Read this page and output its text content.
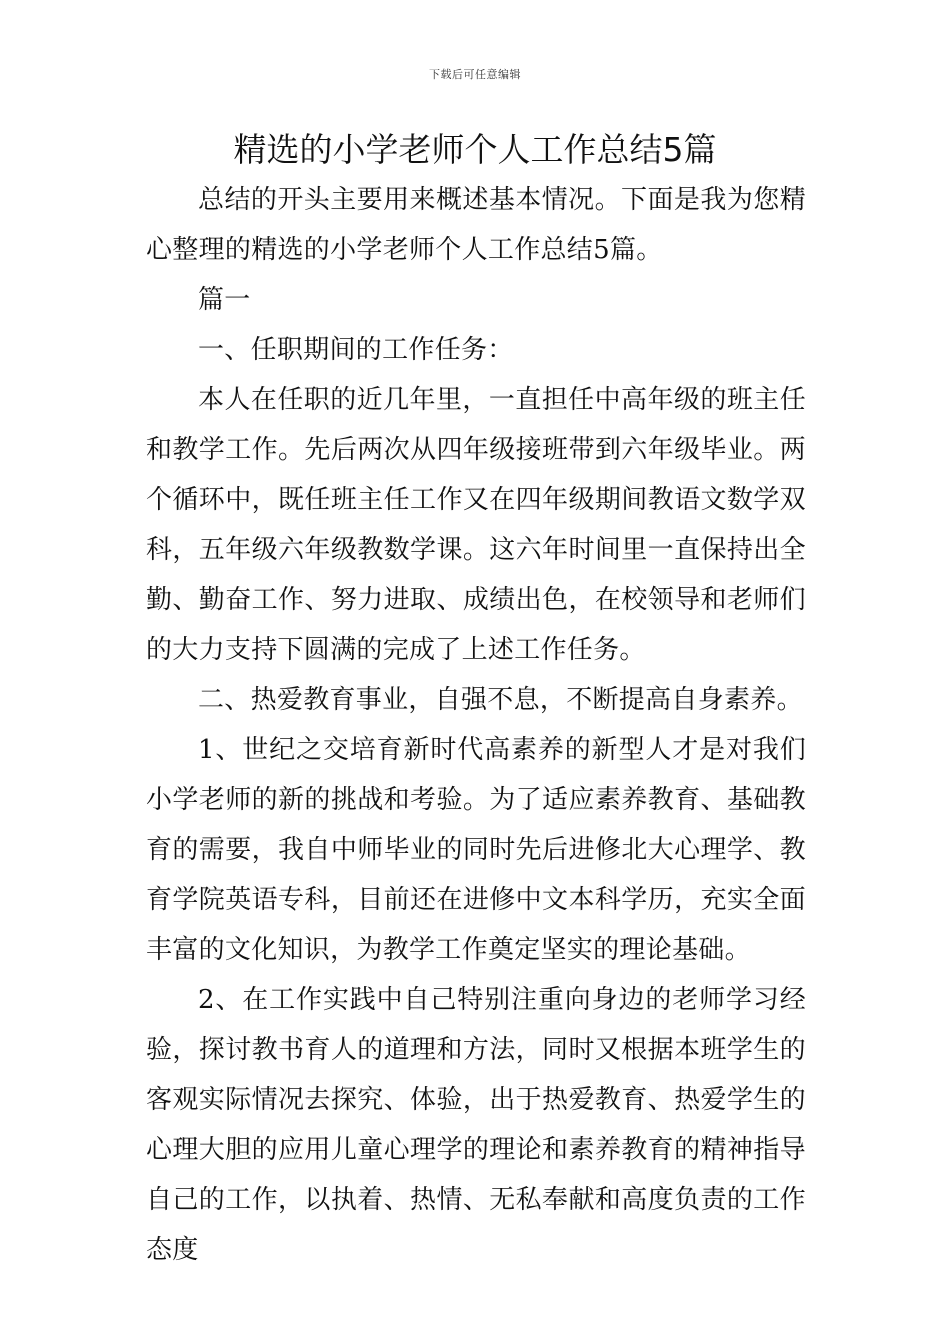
下载后可任意编辑
精选的小学老师个人工作总结5篇

总结的开头主要用来概述基本情况。下面是我为您精心整理的精选的小学老师个人工作总结5篇。

篇一

一、任职期间的工作任务：

本人在任职的近几年里，一直担任中高年级的班主任和教学工作。先后两次从四年级接班带到六年级毕业。两个循环中，既任班主任工作又在四年级期间教语文数学双科，五年级六年级教数学课。这六年时间里一直保持出全勤、勤奋工作、努力进取、成绩出色，在校领导和老师们的大力支持下圆满的完成了上述工作任务。

二、热爱教育事业，自强不息，不断提高自身素养。

1、世纪之交培育新时代高素养的新型人才是对我们小学老师的新的挑战和考验。为了适应素养教育、基础教育的需要，我自中师毕业的同时先后进修北大心理学、教育学院英语专科，目前还在进修中文本科学历，充实全面丰富的文化知识，为教学工作奠定坚实的理论基础。

2、在工作实践中自己特别注重向身边的老师学习经验，探讨教书育人的道理和方法，同时又根据本班学生的客观实际情况去探究、体验，出于热爱教育、热爱学生的心理大胆的应用儿童心理学的理论和素养教育的精神指导自己的工作，以执着、热情、无私奉献和高度负责的工作态度
